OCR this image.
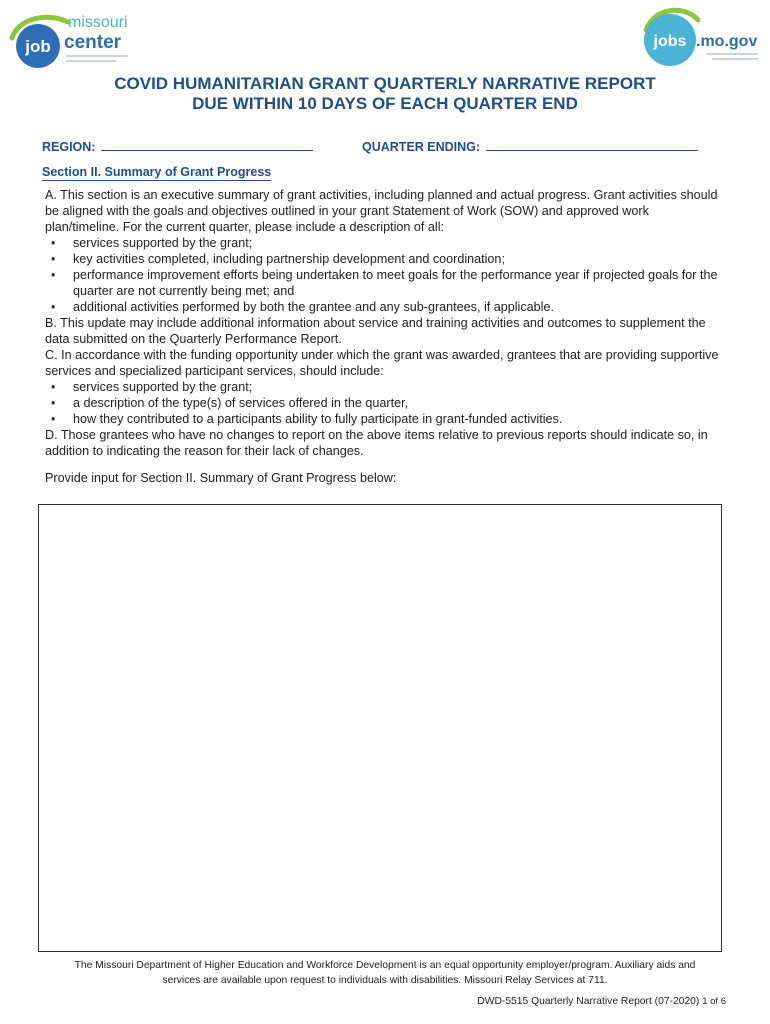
job
missouri
center	jobs .mo.gov
COVID HUMANITARIAN GRANT QUARTERLY NARRATIVE REPORT
DUE WITHIN 10 DAYS OF EACH QUARTER END
REGION:	QUARTER ENDING:
Section II. Summary of Grant Progress

A. This section is an executive summary of grant activities, including planned and actual progress. Grant activities should be aligned with the goals and objectives outlined in your grant Statement of Work (SOW) and approved work plan/timeline. For the current quarter, please include a description of all:

• services supported by the grant;
• key activities completed, including partnership development and coordination;
• performance improvement efforts being undertaken to meet goals for the performance year if projected goals for the quarter are not currently being met; and
• additional activities performed by both the grantee and any sub-grantees, if applicable.

B. This update may include additional information about service and training activities and outcomes to supplement the data submitted on the Quarterly Performance Report.

C. In accordance with the funding opportunity under which the grant was awarded, grantees that are providing supportive services and specialized participant services, should include:

• services supported by the grant;
• a description of the type(s) of services offered in the quarter,
• how they contributed to a participants ability to fully participate in grant-funded activities.

D. Those grantees who have no changes to report on the above items relative to previous reports should indicate so, in addition to indicating the reason for their lack of changes.

Provide input for Section II. Summary of Grant Progress below:
The Missouri Department of Higher Education and Workforce Development is an equal opportunity employer/program. Auxiliary aids and
services are available upon request to individuals with disabilities. Missouri Relay Services at 711.
DWD-5515 Quarterly Narrative Report (07-2020) 1 of 6
